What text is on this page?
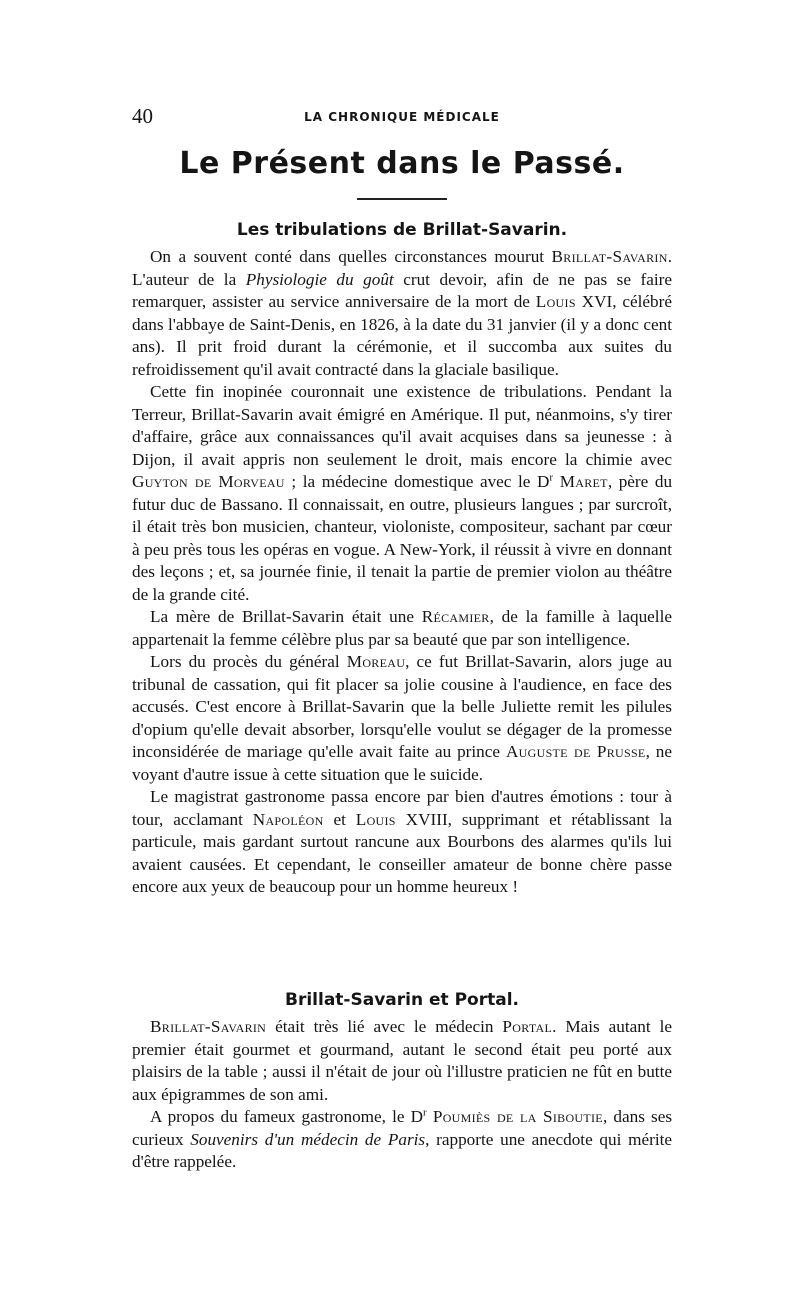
40	LA CHRONIQUE MÉDICALE
Le Présent dans le Passé.
Les tribulations de Brillat-Savarin.

On a souvent conté dans quelles circonstances mourut Brillat-Savarin. L'auteur de la Physiologie du goût crut devoir, afin de ne pas se faire remarquer, assister au service anniversaire de la mort de Louis XVI, célébré dans l'abbaye de Saint-Denis, en 1826, à la date du 31 janvier (il y a donc cent ans). Il prit froid durant la cérémonie, et il succomba aux suites du refroidissement qu'il avait contracté dans la glaciale basilique.

Cette fin inopinée couronnait une existence de tribulations. Pendant la Terreur, Brillat-Savarin avait émigré en Amérique. Il put, néanmoins, s'y tirer d'affaire, grâce aux connaissances qu'il avait acquises dans sa jeunesse : à Dijon, il avait appris non seulement le droit, mais encore la chimie avec Guyton de Morveau ; la médecine domestique avec le $D^r$ Maret, père du futur duc de Bassano. Il connaissait, en outre, plusieurs langues ; par surcroît, il était très bon musicien, chanteur, violoniste, compositeur, sachant par cœur à peu près tous les opéras en vogue. A New-York, il réussit à vivre en donnant des leçons ; et, sa journée finie, il tenait la partie de premier violon au théâtre de la grande cité.

La mère de Brillat-Savarin était une Récamier, de la famille à laquelle appartenait la femme célèbre plus par sa beauté que par son intelligence.

Lors du procès du général Moreau, ce fut Brillat-Savarin, alors juge au tribunal de cassation, qui fit placer sa jolie cousine à l'audience, en face des accusés. C'est encore à Brillat-Savarin que la belle Juliette remit les pilules d'opium qu'elle devait absorber, lorsqu'elle voulut se dégager de la promesse inconsidérée de mariage qu'elle avait faite au prince Auguste de Prusse, ne voyant d'autre issue à cette situation que le suicide.

Le magistrat gastronome passa encore par bien d'autres émotions : tour à tour, acclamant Napoléon et Louis XVIII, supprimant et rétablissant la particule, mais gardant surtout rancune aux Bourbons des alarmes qu'ils lui avaient causées. Et cependant, le conseiller amateur de bonne chère passe encore aux yeux de beaucoup pour un homme heureux !

Brillat-Savarin et Portal.

Brillat-Savarin était très lié avec le médecin Portal. Mais autant le premier était gourmet et gourmand, autant le second était peu porté aux plaisirs de la table ; aussi il n'était de jour où l'illustre praticien ne fût en butte aux épigrammes de son ami.

A propos du fameux gastronome, le $D^r$ Poumiès de la Siboutie, dans ses curieux Souvenirs d'un médecin de Paris, rapporte une anecdote qui mérite d'être rappelée.
